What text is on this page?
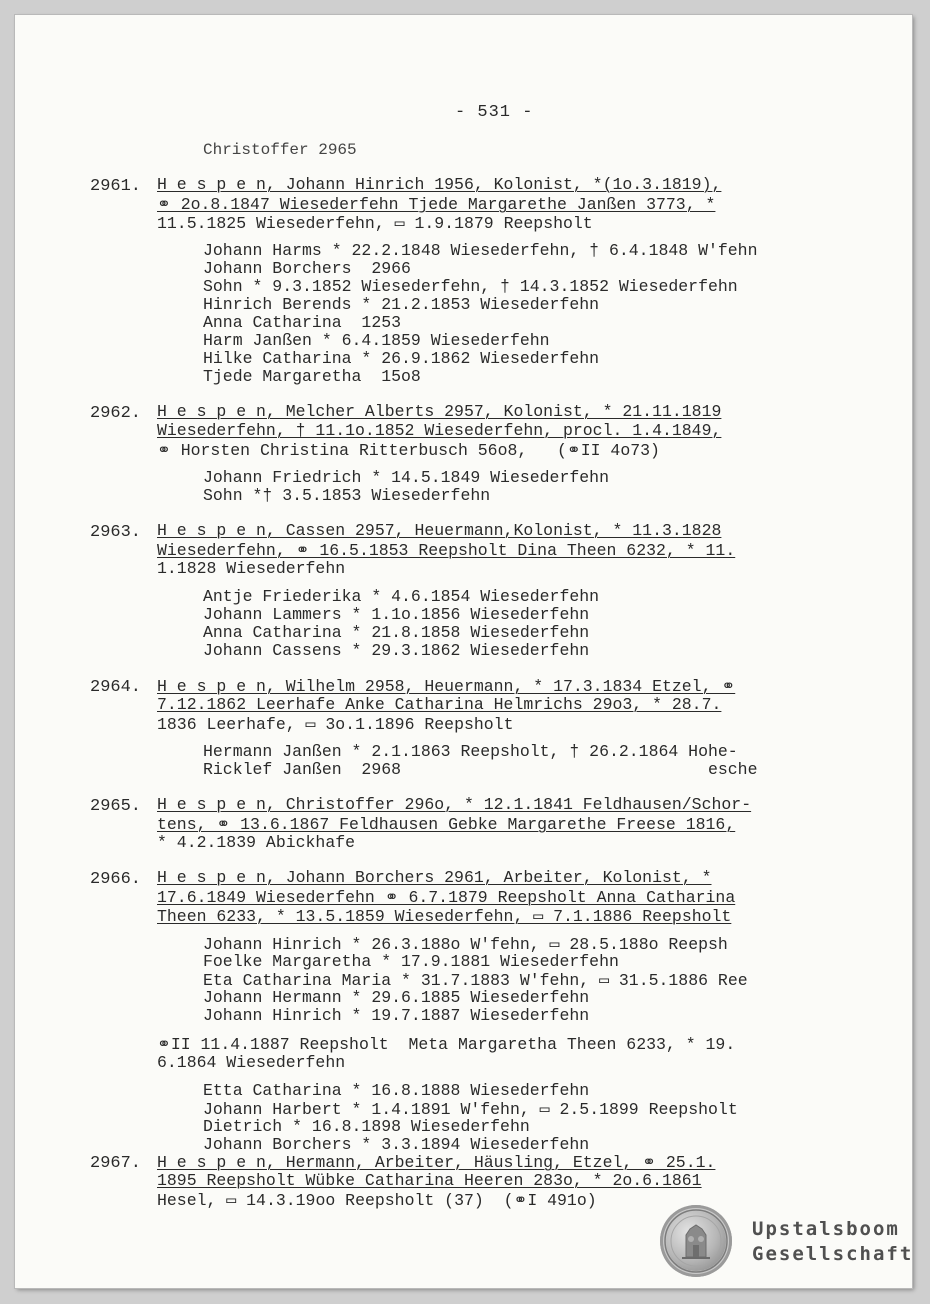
- 531 -
Christoffer 2965
2961. H e s p e n, Johann Hinrich 1956, Kolonist, *(1o.3.1819),
⚭ 2o.8.1847 Wiesederfehn Tjede Margarethe Janßen 3773, *
11.5.1825 Wiesederfehn, ▭ 1.9.1879 Reepsholt
Johann Harms * 22.2.1848 Wiesederfehn, † 6.4.1848 W'fehn
Johann Borchers  2966
Sohn * 9.3.1852 Wiesederfehn, † 14.3.1852 Wiesederfehn
Hinrich Berends * 21.2.1853 Wiesederfehn
Anna Catharina  1253
Harm Janßen * 6.4.1859 Wiesederfehn
Hilke Catharina * 26.9.1862 Wiesederfehn
Tjede Margaretha  15o8
2962. H e s p e n, Melcher Alberts 2957, Kolonist, * 21.11.1819
Wiesederfehn, † 11.1o.1852 Wiesederfehn, procl. 1.4.1849,
⚭ Horsten Christina Ritterbusch 56o8,   (⚭II 4o73)
Johann Friedrich * 14.5.1849 Wiesederfehn
Sohn *† 3.5.1853 Wiesederfehn
2963. H e s p e n, Cassen 2957, Heuermann,Kolonist, * 11.3.1828
Wiesederfehn, ⚭ 16.5.1853 Reepsholt Dina Theen 6232, * 11.
1.1828 Wiesederfehn
Antje Friederika * 4.6.1854 Wiesederfehn
Johann Lammers * 1.1o.1856 Wiesederfehn
Anna Catharina * 21.8.1858 Wiesederfehn
Johann Cassens * 29.3.1862 Wiesederfehn
2964. H e s p e n, Wilhelm 2958, Heuermann, * 17.3.1834 Etzel, ⚭
7.12.1862 Leerhafe Anke Catharina Helmrichs 29o3, * 28.7.
1836 Leerhafe, ▭ 3o.1.1896 Reepsholt
Hermann Janßen * 2.1.1863 Reepsholt, † 26.2.1864 Hohe-
Ricklef Janßen  2968                               esche
2965. H e s p e n, Christoffer 296o, * 12.1.1841 Feldhausen/Schor-
tens, ⚭ 13.6.1867 Feldhausen Gebke Margarethe Freese 1816,
* 4.2.1839 Abickhafe
2966. H e s p e n, Johann Borchers 2961, Arbeiter, Kolonist, *
17.6.1849 Wiesederfehn ⚭ 6.7.1879 Reepsholt Anna Catharina
Theen 6233, * 13.5.1859 Wiesederfehn, ▭ 7.1.1886 Reepsholt
Johann Hinrich * 26.3.188o W'fehn, ▭ 28.5.188o Reepsh
Foelke Margaretha * 17.9.1881 Wiesederfehn
Eta Catharina Maria * 31.7.1883 W'fehn, ▭ 31.5.1886 Ree
Johann Hermann * 29.6.1885 Wiesederfehn
Johann Hinrich * 19.7.1887 Wiesederfehn
⚭II 11.4.1887 Reepsholt  Meta Margaretha Theen 6233, * 19.
6.1864 Wiesederfehn
Etta Catharina * 16.8.1888 Wiesederfehn
Johann Harbert * 1.4.1891 W'fehn, ▭ 2.5.1899 Reepsholt
Dietrich * 16.8.1898 Wiesederfehn
Johann Borchers * 3.3.1894 Wiesederfehn
2967. H e s p e n, Hermann, Arbeiter, Häusling, Etzel, ⚭ 25.1.
1895 Reepsholt Wübke Catharina Heeren 283o, * 2o.6.1861
Hesel, ▭ 14.3.19oo Reepsholt (37)  (⚭I 491o)
Upstalsboom
Gesellschaft
